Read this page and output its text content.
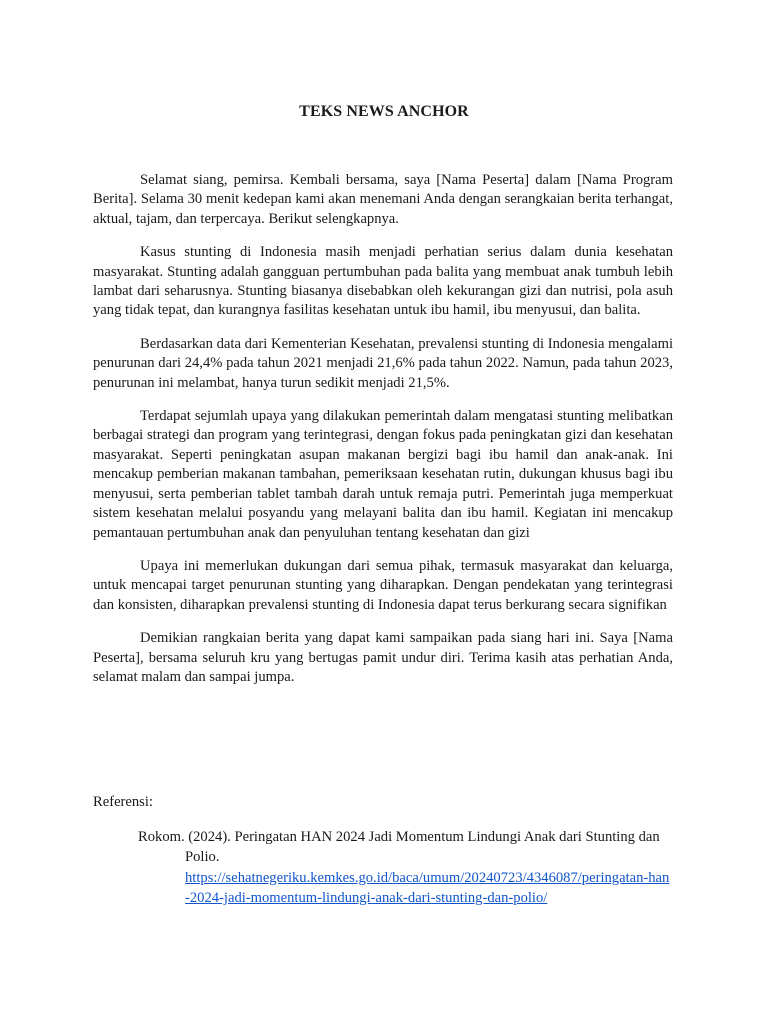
TEKS NEWS ANCHOR

Selamat siang, pemirsa. Kembali bersama, saya [Nama Peserta] dalam [Nama Program Berita]. Selama 30 menit kedepan kami akan menemani Anda dengan serangkaian berita terhangat, aktual, tajam, dan terpercaya. Berikut selengkapnya.

Kasus stunting di Indonesia masih menjadi perhatian serius dalam dunia kesehatan masyarakat. Stunting adalah gangguan pertumbuhan pada balita yang membuat anak tumbuh lebih lambat dari seharusnya. Stunting biasanya disebabkan oleh kekurangan gizi dan nutrisi, pola asuh yang tidak tepat, dan kurangnya fasilitas kesehatan untuk ibu hamil, ibu menyusui, dan balita.

Berdasarkan data dari Kementerian Kesehatan, prevalensi stunting di Indonesia mengalami penurunan dari 24,4% pada tahun 2021 menjadi 21,6% pada tahun 2022. Namun, pada tahun 2023, penurunan ini melambat, hanya turun sedikit menjadi 21,5%.

Terdapat sejumlah upaya yang dilakukan pemerintah dalam mengatasi stunting melibatkan berbagai strategi dan program yang terintegrasi, dengan fokus pada peningkatan gizi dan kesehatan masyarakat. Seperti peningkatan asupan makanan bergizi bagi ibu hamil dan anak-anak. Ini mencakup pemberian makanan tambahan, pemeriksaan kesehatan rutin, dukungan khusus bagi ibu menyusui, serta pemberian tablet tambah darah untuk remaja putri. Pemerintah juga memperkuat sistem kesehatan melalui posyandu yang melayani balita dan ibu hamil. Kegiatan ini mencakup pemantauan pertumbuhan anak dan penyuluhan tentang kesehatan dan gizi

Upaya ini memerlukan dukungan dari semua pihak, termasuk masyarakat dan keluarga, untuk mencapai target penurunan stunting yang diharapkan. Dengan pendekatan yang terintegrasi dan konsisten, diharapkan prevalensi stunting di Indonesia dapat terus berkurang secara signifikan

Demikian rangkaian berita yang dapat kami sampaikan pada siang hari ini. Saya [Nama Peserta], bersama seluruh kru yang bertugas pamit undur diri. Terima kasih atas perhatian Anda, selamat malam dan sampai jumpa.

Referensi:

Rokom. (2024). Peringatan HAN 2024 Jadi Momentum Lindungi Anak dari Stunting dan Polio.
https://sehatnegeriku.kemkes.go.id/baca/umum/20240723/4346087/peringatan-han-2024-jadi-momentum-lindungi-anak-dari-stunting-dan-polio/
